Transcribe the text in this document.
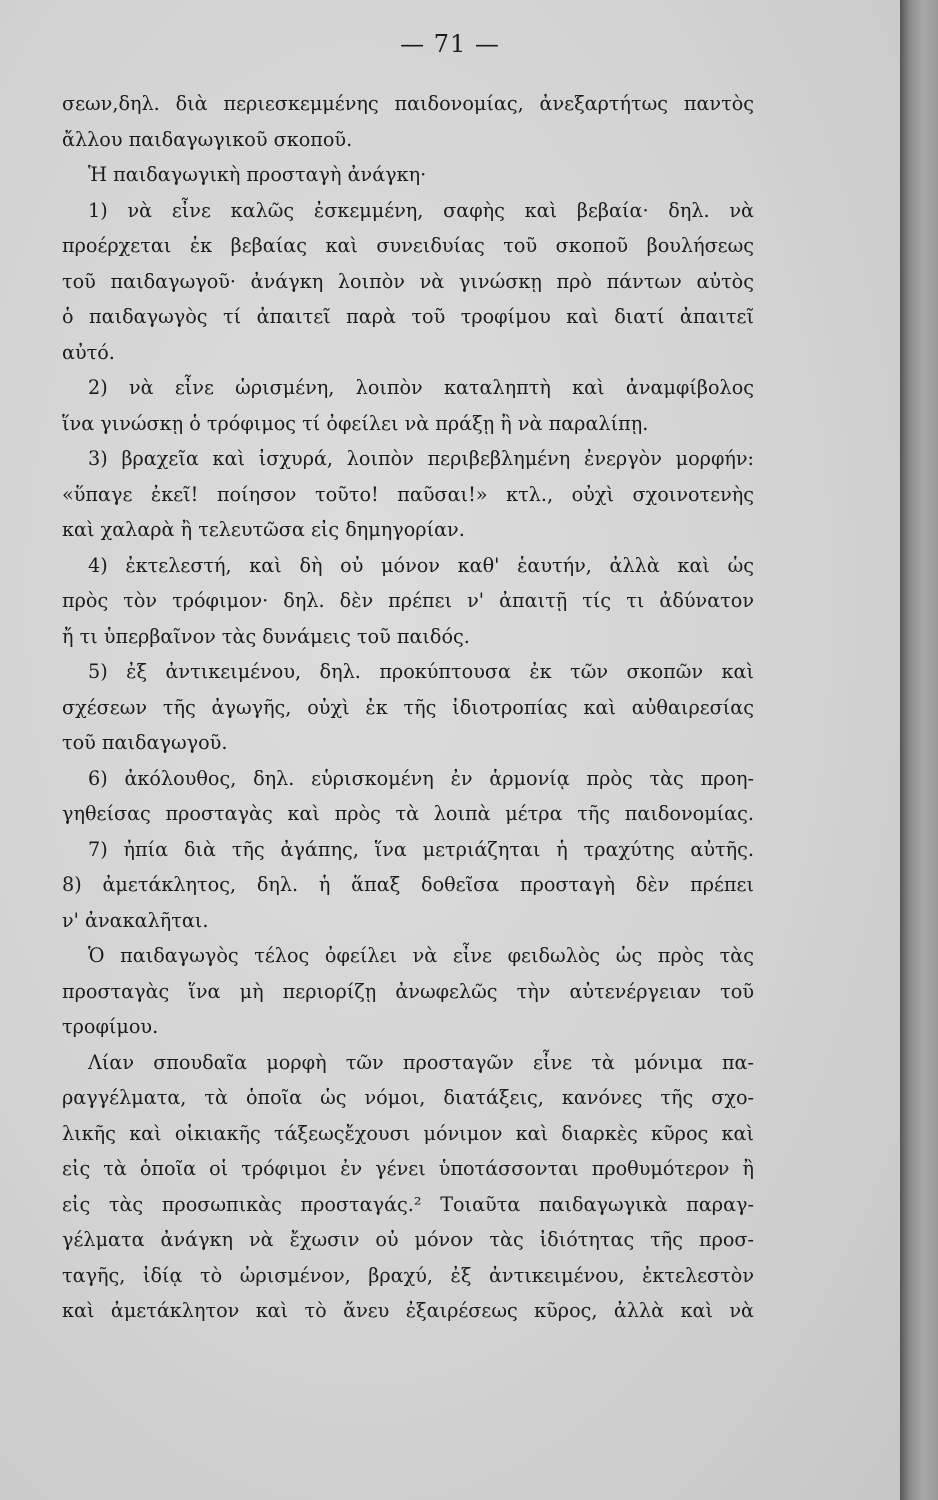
— 71 —
σεων,δηλ. διὰ περιεσκεμμένης παιδονομίας, ἀνεξαρτήτως παντὸς
ἄλλου παιδαγωγικοῦ σκοποῦ.
Ἡ παιδαγωγικὴ προσταγὴ ἀνάγκη·
1) νὰ εἶνε καλῶς ἐσκεμμένη, σαφὴς καὶ βεβαία· δηλ. νὰ
προέρχεται ἐκ βεβαίας καὶ συνειδυίας τοῦ σκοποῦ βουλήσεως
τοῦ παιδαγωγοῦ· ἀνάγκη λοιπὸν νὰ γινώσκῃ πρὸ πάντων αὐτὸς
ὁ παιδαγωγὸς τί ἀπαιτεῖ παρὰ τοῦ τροφίμου καὶ διατί ἀπαιτεῖ
αὐτό.
2) νὰ εἶνε ὡρισμένη, λοιπὸν καταληπτὴ καὶ ἀναμφίβολος
ἵνα γινώσκῃ ὁ τρόφιμος τί ὀφείλει νὰ πράξῃ ἢ νὰ παραλίπῃ.
3) βραχεῖα καὶ ἰσχυρά, λοιπὸν περιβεβλημένη ἐνεργὸν μορφήν:
«ὕπαγε ἐκεῖ! ποίησον τοῦτο! παῦσαι!» κτλ., οὐχὶ σχοινοτενὴς
καὶ χαλαρὰ ἢ τελευτῶσα εἰς δημηγορίαν.
4) ἐκτελεστή, καὶ δὴ οὐ μόνον καθ' ἑαυτήν, ἀλλὰ καὶ ὡς
πρὸς τὸν τρόφιμον· δηλ. δὲν πρέπει ν' ἀπαιτῇ τίς τι ἀδύνατον
ἤ τι ὑπερβαῖνον τὰς δυνάμεις τοῦ παιδός.
5) ἐξ ἀντικειμένου, δηλ. προκύπτουσα ἐκ τῶν σκοπῶν καὶ
σχέσεων τῆς ἀγωγῆς, οὐχὶ ἐκ τῆς ἰδιοτροπίας καὶ αὐθαιρεσίας
τοῦ παιδαγωγοῦ.
6) ἀκόλουθος, δηλ. εὑρισκομένη ἐν ἁρμονίᾳ πρὸς τὰς προη-
γηθείσας προσταγὰς καὶ πρὸς τὰ λοιπὰ μέτρα τῆς παιδονομίας.
7) ἠπία διὰ τῆς ἀγάπης, ἵνα μετριάζηται ἡ τραχύτης αὐτῆς.
8) ἀμετάκλητος, δηλ. ἡ ἅπαξ δοθεῖσα προσταγὴ δὲν πρέπει
ν' ἀνακαλῆται.
Ὁ παιδαγωγὸς τέλος ὀφείλει νὰ εἶνε φειδωλὸς ὡς πρὸς τὰς
προσταγὰς ἵνα μὴ περιορίζῃ ἀνωφελῶς τὴν αὐτενέργειαν τοῦ
τροφίμου.
Λίαν σπουδαῖα μορφὴ τῶν προσταγῶν εἶνε τὰ μόνιμα πα-
ραγγέλματα, τὰ ὁποῖα ὡς νόμοι, διατάξεις, κανόνες τῆς σχο-
λικῆς καὶ οἰκιακῆς τάξεωςἔχουσι μόνιμον καὶ διαρκὲς κῦρος καὶ
εἰς τὰ ὁποῖα οἱ τρόφιμοι ἐν γένει ὑποτάσσονται προθυμότερον ἢ
εἰς τὰς προσωπικὰς προσταγάς.² Τοιαῦτα παιδαγωγικὰ παραγ-
γέλματα ἀνάγκη νὰ ἔχωσιν οὐ μόνον τὰς ἰδιότητας τῆς προσ-
ταγῆς, ἰδίᾳ τὸ ὡρισμένον, βραχύ, ἐξ ἀντικειμένου, ἐκτελεστὸν
καὶ ἀμετάκλητον καὶ τὸ ἄνευ ἐξαιρέσεως κῦρος, ἀλλὰ καὶ νὰ
